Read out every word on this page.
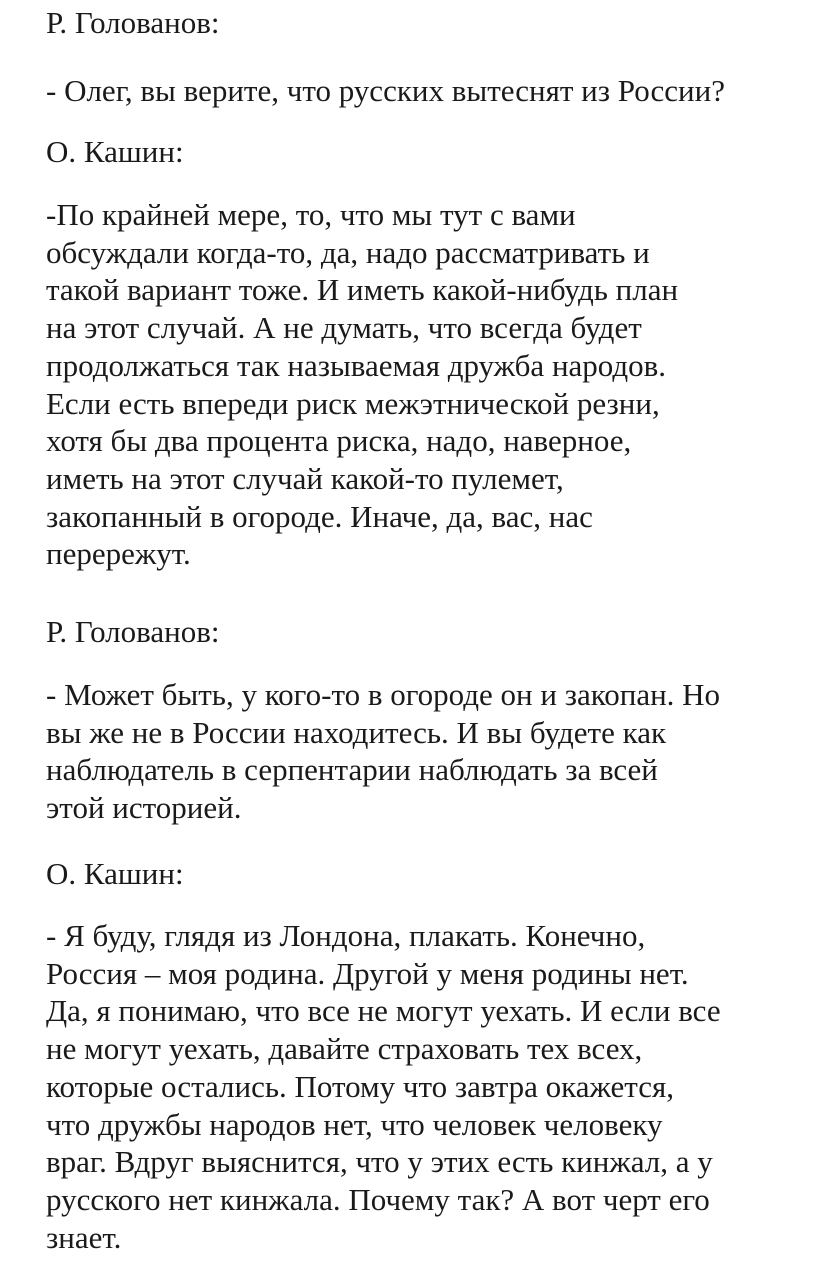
Р. Голованов:

- Олег, вы верите, что русских вытеснят из России?

О. Кашин:

-По крайней мере, то, что мы тут с вами
обсуждали когда-то, да, надо рассматривать и
такой вариант тоже. И иметь какой-нибудь план
на этот случай. А не думать, что всегда будет
продолжаться так называемая дружба народов.
Если есть впереди риск межэтнической резни,
хотя бы два процента риска, надо, наверное,
иметь на этот случай какой-то пулемет,
закопанный в огороде. Иначе, да, вас, нас
перережут.

Р. Голованов:

- Может быть, у кого-то в огороде он и закопан. Но
вы же не в России находитесь. И вы будете как
наблюдатель в серпентарии наблюдать за всей
этой историей.

О. Кашин:

- Я буду, глядя из Лондона, плакать. Конечно,
Россия – моя родина. Другой у меня родины нет.
Да, я понимаю, что все не могут уехать. И если все
не могут уехать, давайте страховать тех всех,
которые остались. Потому что завтра окажется,
что дружбы народов нет, что человек человеку
враг. Вдруг выяснится, что у этих есть кинжал, а у
русского нет кинжала. Почему так? А вот черт его
знает.
